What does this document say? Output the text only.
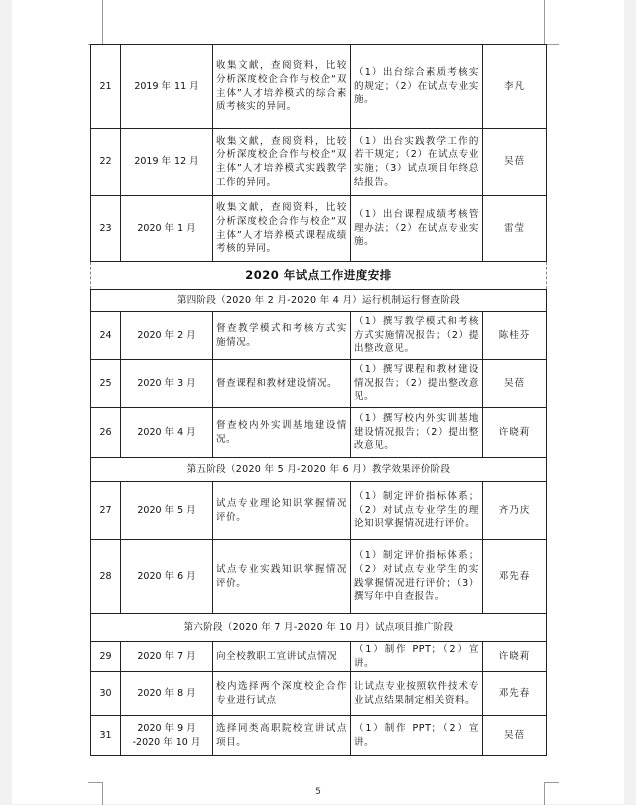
21	2019 年 11 月	收集文献，查阅资料，比较分析深度校企合作与校企“双主体”人才培养模式的综合素质考核实的异同。	（1）出台综合素质考核实的规定；（2）在试点专业实施。	李凡
22	2019 年 12 月	收集文献，查阅资料，比较分析深度校企合作与校企“双主体”人才培养模式实践教学工作的异同。	（1）出台实践教学工作的若干规定；（2）在试点专业实施；（3）试点项目年终总结报告。	吴蓓
23	2020 年 1 月	收集文献，查阅资料，比较分析深度校企合作与校企“双主体”人才培养模式课程成绩考核的异同。	（1）出台课程成绩考核管理办法；（2）在试点专业实施。	雷莹
2020 年试点工作进度安排				
第四阶段（2020 年 2 月-2020 年 4 月）运行机制运行督查阶段				
24	2020 年 2 月	督查教学模式和考核方式实施情况。	（1）撰写教学模式和考核方式实施情况报告；（2）提出整改意见。	陈桂芬
25	2020 年 3 月	督查课程和教材建设情况。	（1）撰写课程和教材建设情况报告；（2）提出整改意见。	吴蓓
26	2020 年 4 月	督查校内外实训基地建设情况。	（1）撰写校内外实训基地建设情况报告；（2）提出整改意见。	许晓莉
第五阶段（2020 年 5 月-2020 年 6 月）教学效果评价阶段				
27	2020 年 5 月	试点专业理论知识掌握情况评价。	（1）制定评价指标体系；（2）对试点专业学生的理论知识掌握情况进行评价。	齐乃庆
28	2020 年 6 月	试点专业实践知识掌握情况评价。	（1）制定评价指标体系；（2）对试点专业学生的实践掌握情况进行评价；（3）撰写年中自查报告。	邓先春
第六阶段（2020 年 7 月-2020 年 10 月）试点项目推广阶段				
29	2020 年 7 月	向全校教职工宣讲试点情况	（1）制作 PPT；（2）宣讲。	许晓莉
30	2020 年 8 月	校内选择两个深度校企合作专业进行试点	让试点专业按照软件技术专业试点结果制定相关资料。	邓先春
31	2020 年 9 月 -2020 年 10 月	选择同类高职院校宣讲试点项目。	（1）制作 PPT；（2）宣讲。	吴蓓
5
